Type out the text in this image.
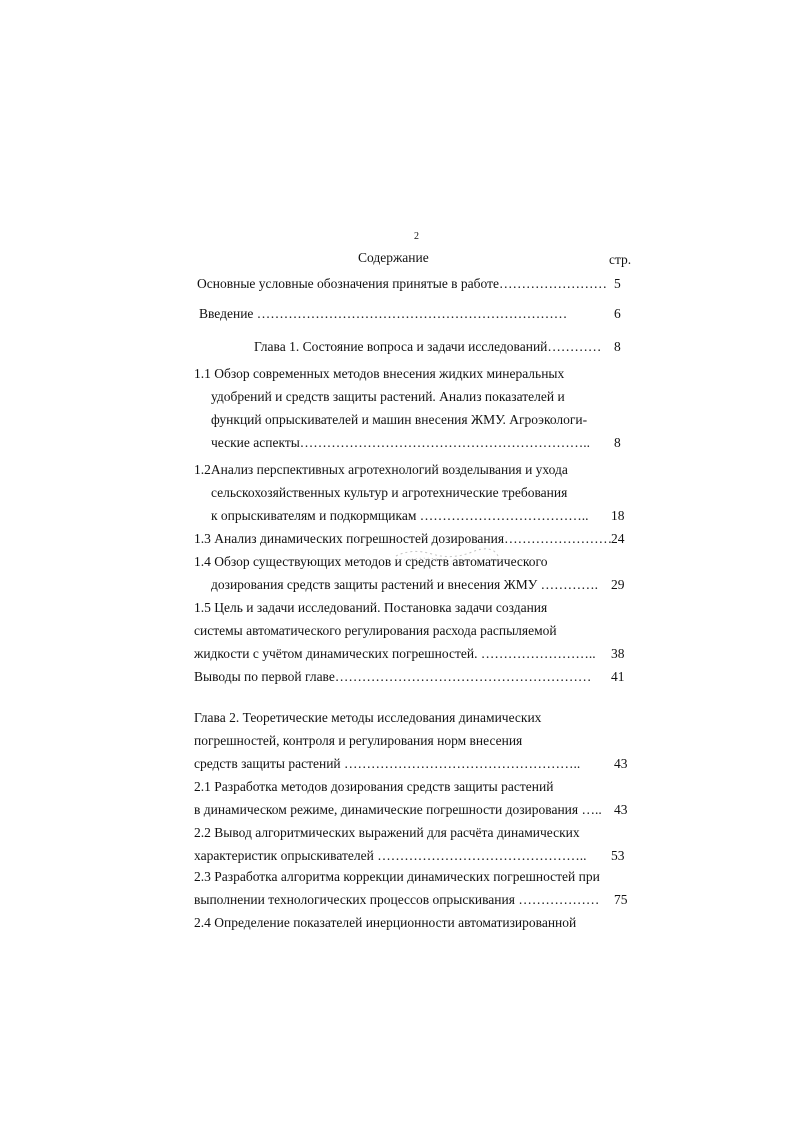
2
Содержание	стр.
Основные условные обозначения принятые в работе…………………… 5
Введение ……………………………………………………………	6
Глава 1. Состояние вопроса и задачи исследований………… 8
1.1 Обзор современных методов внесения жидких минеральных
удобрений и средств защиты растений. Анализ показателей и
функций опрыскивателей и машин внесения ЖМУ. Агроэкологи-
ческие аспекты……………………………………………………….. 8
1.2Анализ перспективных агротехнологий возделывания и ухода
сельскохозяйственных культур и агротехнические требования
к опрыскивателям и подкормщикам ……………………………….. 18
1.3 Анализ динамических погрешностей дозирования……………………
24
1.4 Обзор существующих методов и средств автоматического
дозирования средств защиты растений и внесения ЖМУ …………. 29
1.5 Цель и задачи исследований. Постановка задачи создания
системы автоматического регулирования расхода распыляемой
жидкости с учётом динамических погрешностей. …………………….. 38
Выводы по первой главе………………………………………………… 41
Глава 2. Теоретические методы исследования динамических
погрешностей, контроля и регулирования норм внесения
средств защиты растений …………………………………………….. 43
2.1 Разработка методов дозирования средств защиты растений
в динамическом режиме, динамические погрешности дозирования ….. 43
2.2 Вывод алгоритмических выражений для расчёта динамических
характеристик опрыскивателей ……………………………………….. 53
2.3 Разработка алгоритма коррекции динамических погрешностей при
выполнении технологических процессов опрыскивания ……………… 75
2.4 Определение показателей инерционности автоматизированной
